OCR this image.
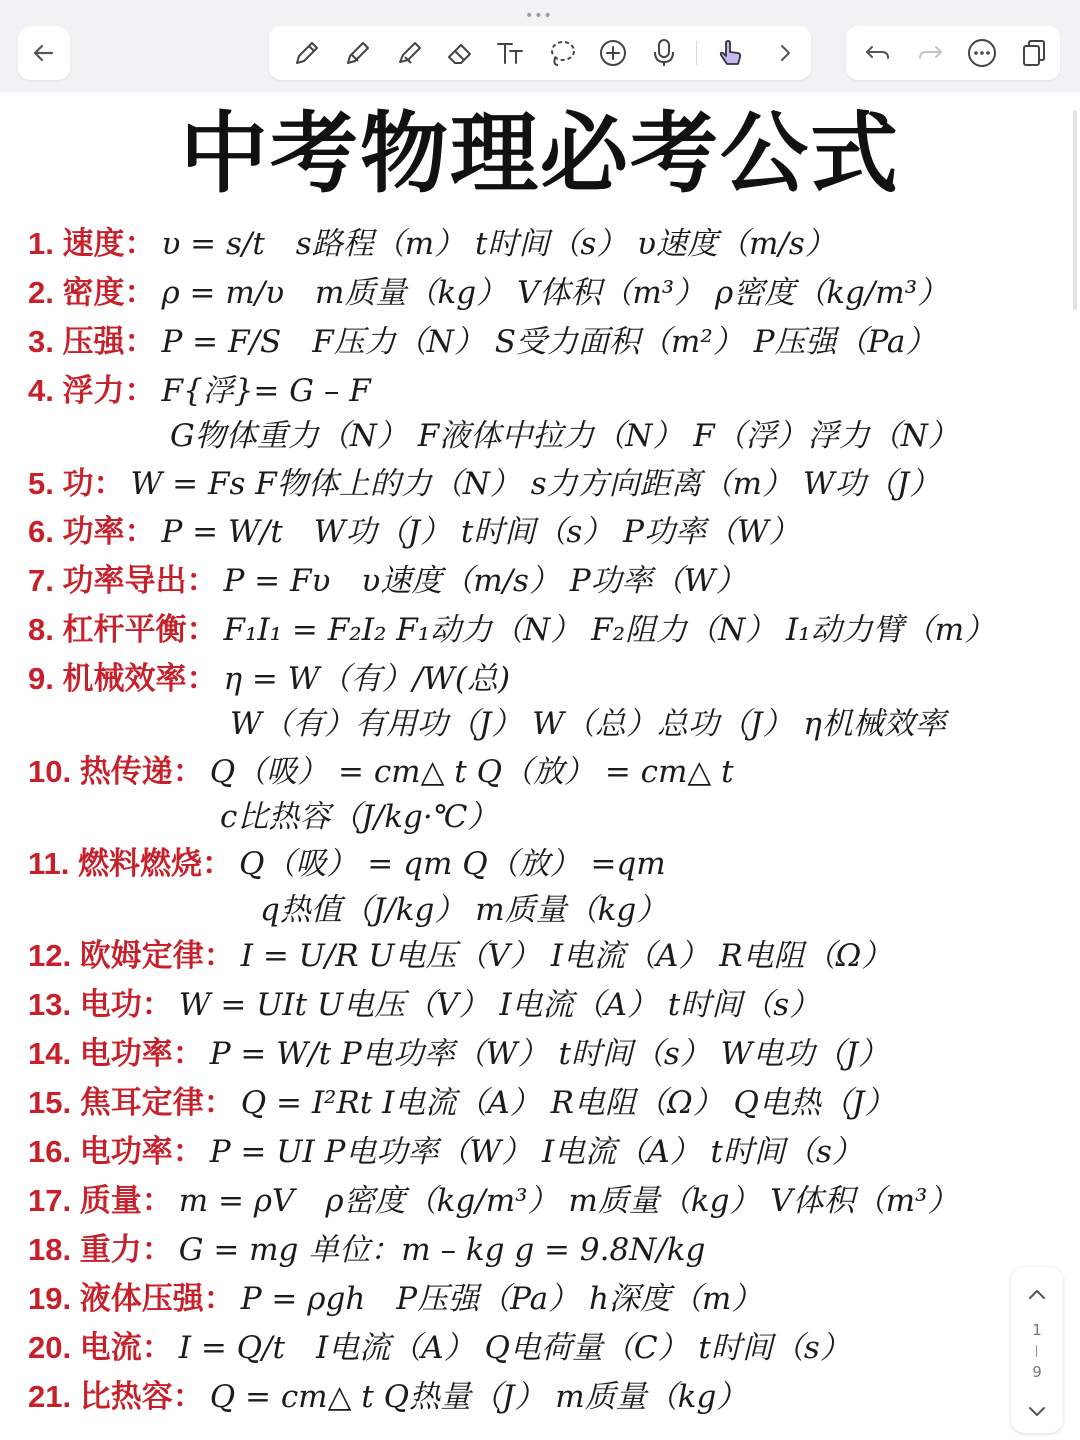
•••
中考物理必考公式
1. 速度： υ = s/t　s路程（m） t时间（s） υ速度（m/s）
2. 密度： ρ = m/υ　m质量（kg） V体积（m³） ρ密度（kg/m³）
3. 压强： P = F/S　F压力（N） S受力面积（m²） P压强（Pa）
4. 浮力： F{浮}= G – F
G物体重力（N） F液体中拉力（N） F（浮）浮力（N）
5. 功： W = Fs F物体上的力（N） s力方向距离（m） W功（J）
6. 功率： P = W/t　W功（J） t时间（s） P功率（W）
7. 功率导出： P = Fυ　υ速度（m/s） P功率（W）
8. 杠杆平衡： F₁I₁ = F₂I₂ F₁动力（N） F₂阻力（N） I₁动力臂（m）
9. 机械效率： η = W（有）/W(总)
W（有）有用功（J） W（总）总功（J） η机械效率
10. 热传递： Q（吸） = cm△ t Q（放） = cm△ t
c比热容（J/kg·℃）
11. 燃料燃烧： Q（吸） = qm Q（放） =qm
q热值（J/kg） m质量（kg）
12. 欧姆定律： I = U/R U电压（V） I电流（A） R电阻（Ω）
13. 电功： W = UIt U电压（V） I电流（A） t时间（s）
14. 电功率： P = W/t P电功率（W） t时间（s） W电功（J）
15. 焦耳定律： Q = I²Rt I电流（A） R电阻（Ω） Q电热（J）
16. 电功率： P = UI P电功率（W） I电流（A） t时间（s）
17. 质量： m = ρV　ρ密度（kg/m³） m质量（kg） V体积（m³）
18. 重力： G = mg 单位：m – kg g = 9.8N/kg
19. 液体压强： P = ρgh　P压强（Pa） h深度（m）
20. 电流： I = Q/t　I电流（A） Q电荷量（C） t时间（s）
21. 比热容： Q = cm△ t Q热量（J） m质量（kg）
1
9
